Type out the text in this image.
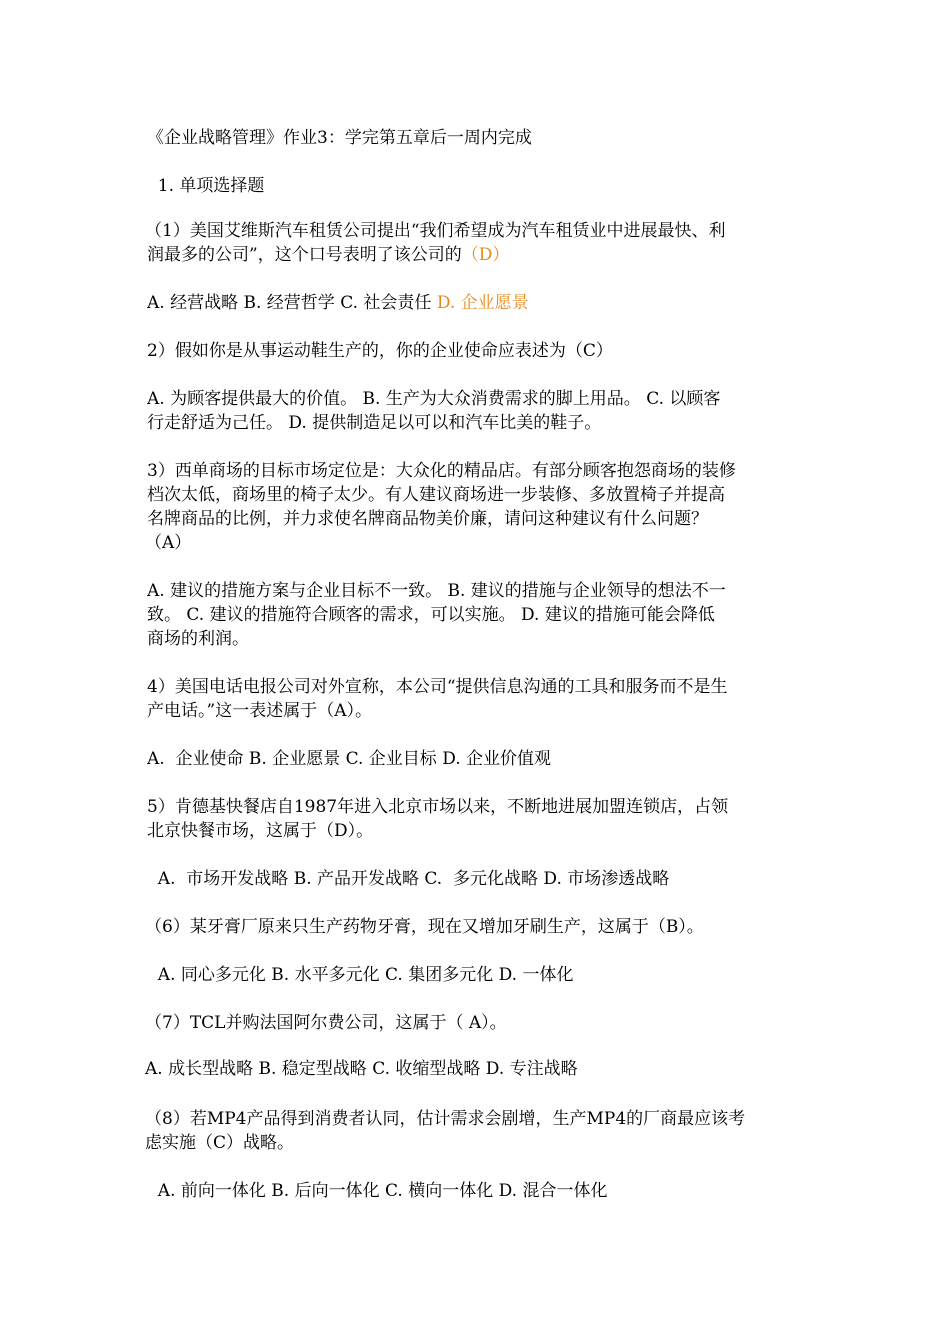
《企业战略管理》作业3：学完第五章后一周内完成
1. 单项选择题
（1）美国艾维斯汽车租赁公司提出“我们希望成为汽车租赁业中进展最快、利
润最多的公司”，这个口号表明了该公司的（D）
A. 经营战略 B. 经营哲学 C. 社会责任 D. 企业愿景
2）假如你是从事运动鞋生产的，你的企业使命应表述为（C）
A. 为顾客提供最大的价值。 B. 生产为大众消费需求的脚上用品。 C. 以顾客
行走舒适为己任。 D. 提供制造足以可以和汽车比美的鞋子。
3）西单商场的目标市场定位是：大众化的精品店。有部分顾客抱怨商场的装修
档次太低，商场里的椅子太少。有人建议商场进一步装修、多放置椅子并提高
名牌商品的比例，并力求使名牌商品物美价廉，请问这种建议有什么问题？
（A）
A. 建议的措施方案与企业目标不一致。 B. 建议的措施与企业领导的想法不一
致。 C. 建议的措施符合顾客的需求，可以实施。 D. 建议的措施可能会降低
商场的利润。
4）美国电话电报公司对外宣称，本公司“提供信息沟通的工具和服务而不是生
产电话。”这一表述属于（A）。
A.  企业使命 B. 企业愿景 C. 企业目标 D. 企业价值观
5）肯德基快餐店自1987年进入北京市场以来，不断地进展加盟连锁店，占领
北京快餐市场，这属于（D）。
A.  市场开发战略 B. 产品开发战略 C.  多元化战略 D. 市场渗透战略
（6）某牙膏厂原来只生产药物牙膏，现在又增加牙刷生产，这属于（B）。
A. 同心多元化 B. 水平多元化 C. 集团多元化 D. 一体化
（7）TCL并购法国阿尔费公司，这属于（ A）。
A. 成长型战略 B. 稳定型战略 C. 收缩型战略 D. 专注战略
（8）若MP4产品得到消费者认同，估计需求会剧增，生产MP4的厂商最应该考
虑实施（C）战略。
A. 前向一体化 B. 后向一体化 C. 横向一体化 D. 混合一体化
